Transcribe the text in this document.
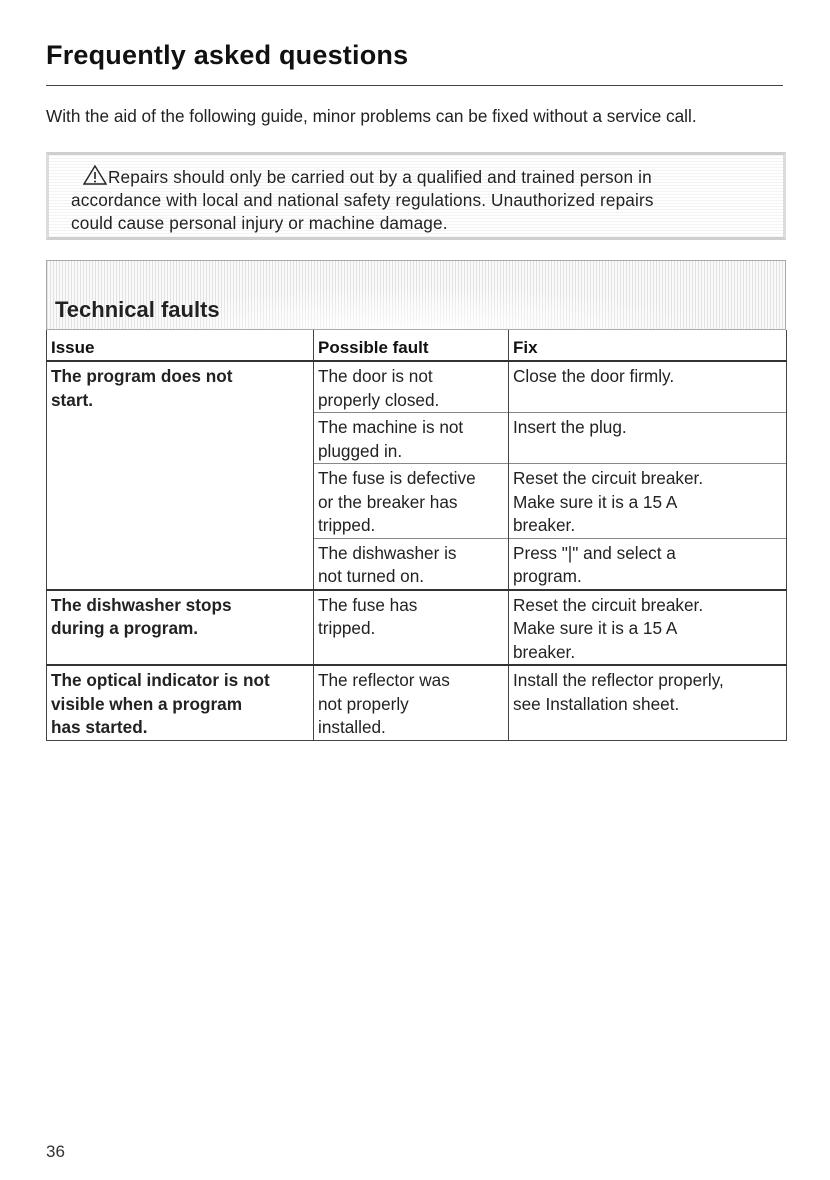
Frequently asked questions

With the aid of the following guide, minor problems can be fixed without a service call.

Repairs should only be carried out by a qualified and trained person in
accordance with local and national safety regulations. Unauthorized repairs
could cause personal injury or machine damage.
Technical faults
Issue	Possible fault	Fix

The program does not
start.	The door is not
properly closed.	Close the door firmly.

	The machine is not
plugged in.	Insert the plug.

	The fuse is defective
or the breaker has
tripped.	Reset the circuit breaker.
Make sure it is a 15 A
breaker.

	The dishwasher is
not turned on.	Press "|" and select a
program.

The dishwasher stops
during a program.	The fuse has
tripped.	Reset the circuit breaker.
Make sure it is a 15 A
breaker.

The optical indicator is not
visible when a program
has started.	The reflector was
not properly
installed.	Install the reflector properly,
see Installation sheet.
36
